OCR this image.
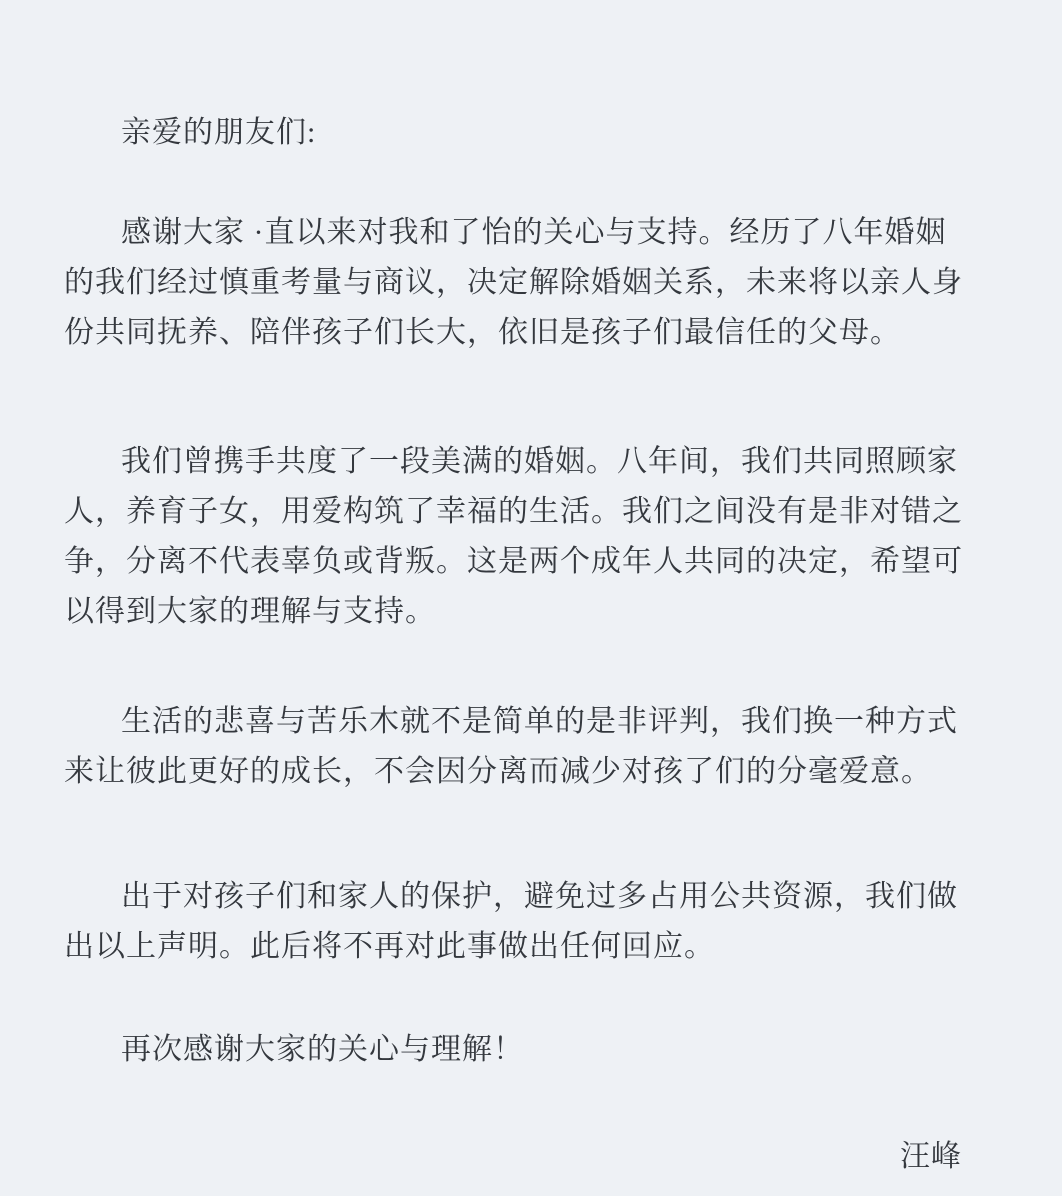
亲爱的朋友们:
感谢大家 ·直以来对我和了怡的关心与支持。经历了八年婚姻
的我们经过慎重考量与商议，决定解除婚姻关系，未来将以亲人身
份共同抚养、陪伴孩子们长大，依旧是孩子们最信任的父母。
我们曾携手共度了一段美满的婚姻。八年间，我们共同照顾家
人，养育子女，用爱构筑了幸福的生活。我们之间没有是非对错之
争，分离不代表辜负或背叛。这是两个成年人共同的决定，希望可
以得到大家的理解与支持。
生活的悲喜与苦乐木就不是简单的是非评判，我们换一种方式
来让彼此更好的成长，不会因分离而减少对孩了们的分毫爱意。
出于对孩子们和家人的保护，避免过多占用公共资源，我们做
出以上声明。此后将不再对此事做出任何回应。
再次感谢大家的关心与理解！
汪峰
